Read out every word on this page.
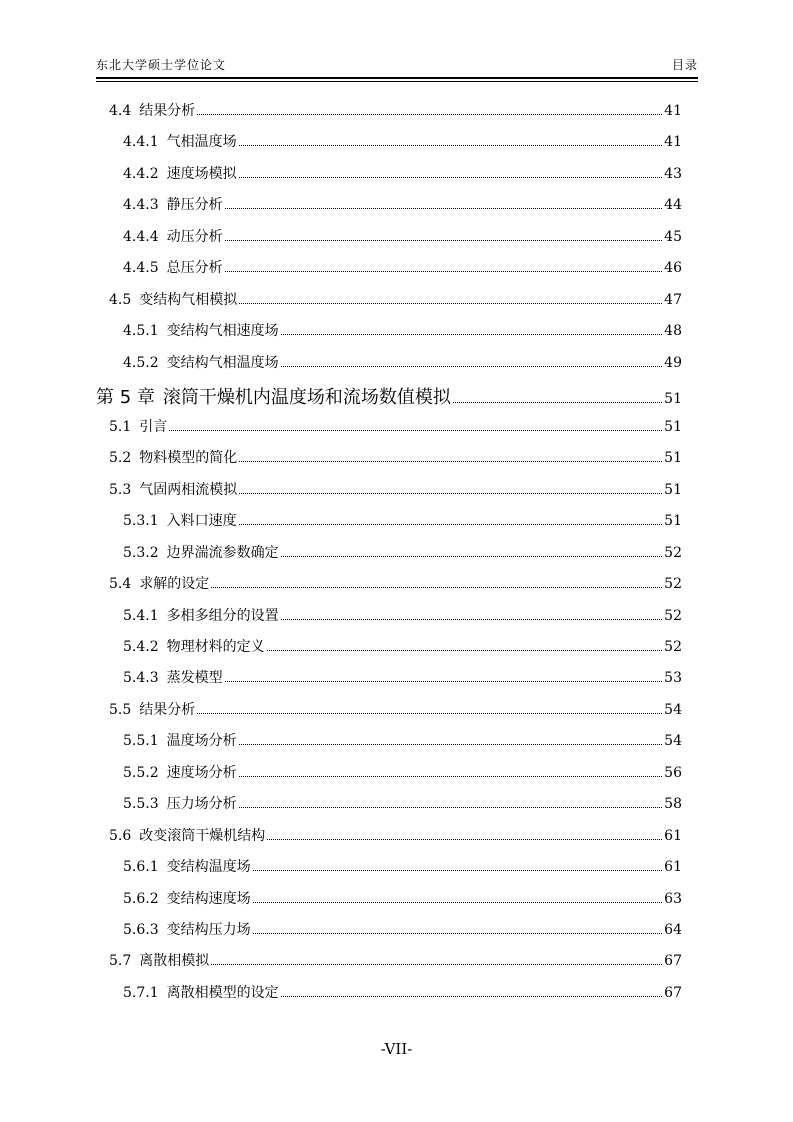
东北大学硕士学位论文	目录
4.4 结果分析	41
4.4.1 气相温度场	41
4.4.2 速度场模拟	43
4.4.3 静压分析	44
4.4.4 动压分析	45
4.4.5 总压分析	46
4.5 变结构气相模拟	47
4.5.1 变结构气相速度场	48
4.5.2 变结构气相温度场	49
第 5 章 滚筒干燥机内温度场和流场数值模拟	51
5.1 引言	51
5.2 物料模型的简化	51
5.3 气固两相流模拟	51
5.3.1 入料口速度	51
5.3.2 边界湍流参数确定	52
5.4 求解的设定	52
5.4.1 多相多组分的设置	52
5.4.2 物理材料的定义	52
5.4.3 蒸发模型	53
5.5 结果分析	54
5.5.1 温度场分析	54
5.5.2 速度场分析	56
5.5.3 压力场分析	58
5.6 改变滚筒干燥机结构	61
5.6.1 变结构温度场	61
5.6.2 变结构速度场	63
5.6.3 变结构压力场	64
5.7 离散相模拟	67
5.7.1 离散相模型的设定	67
-VII-
